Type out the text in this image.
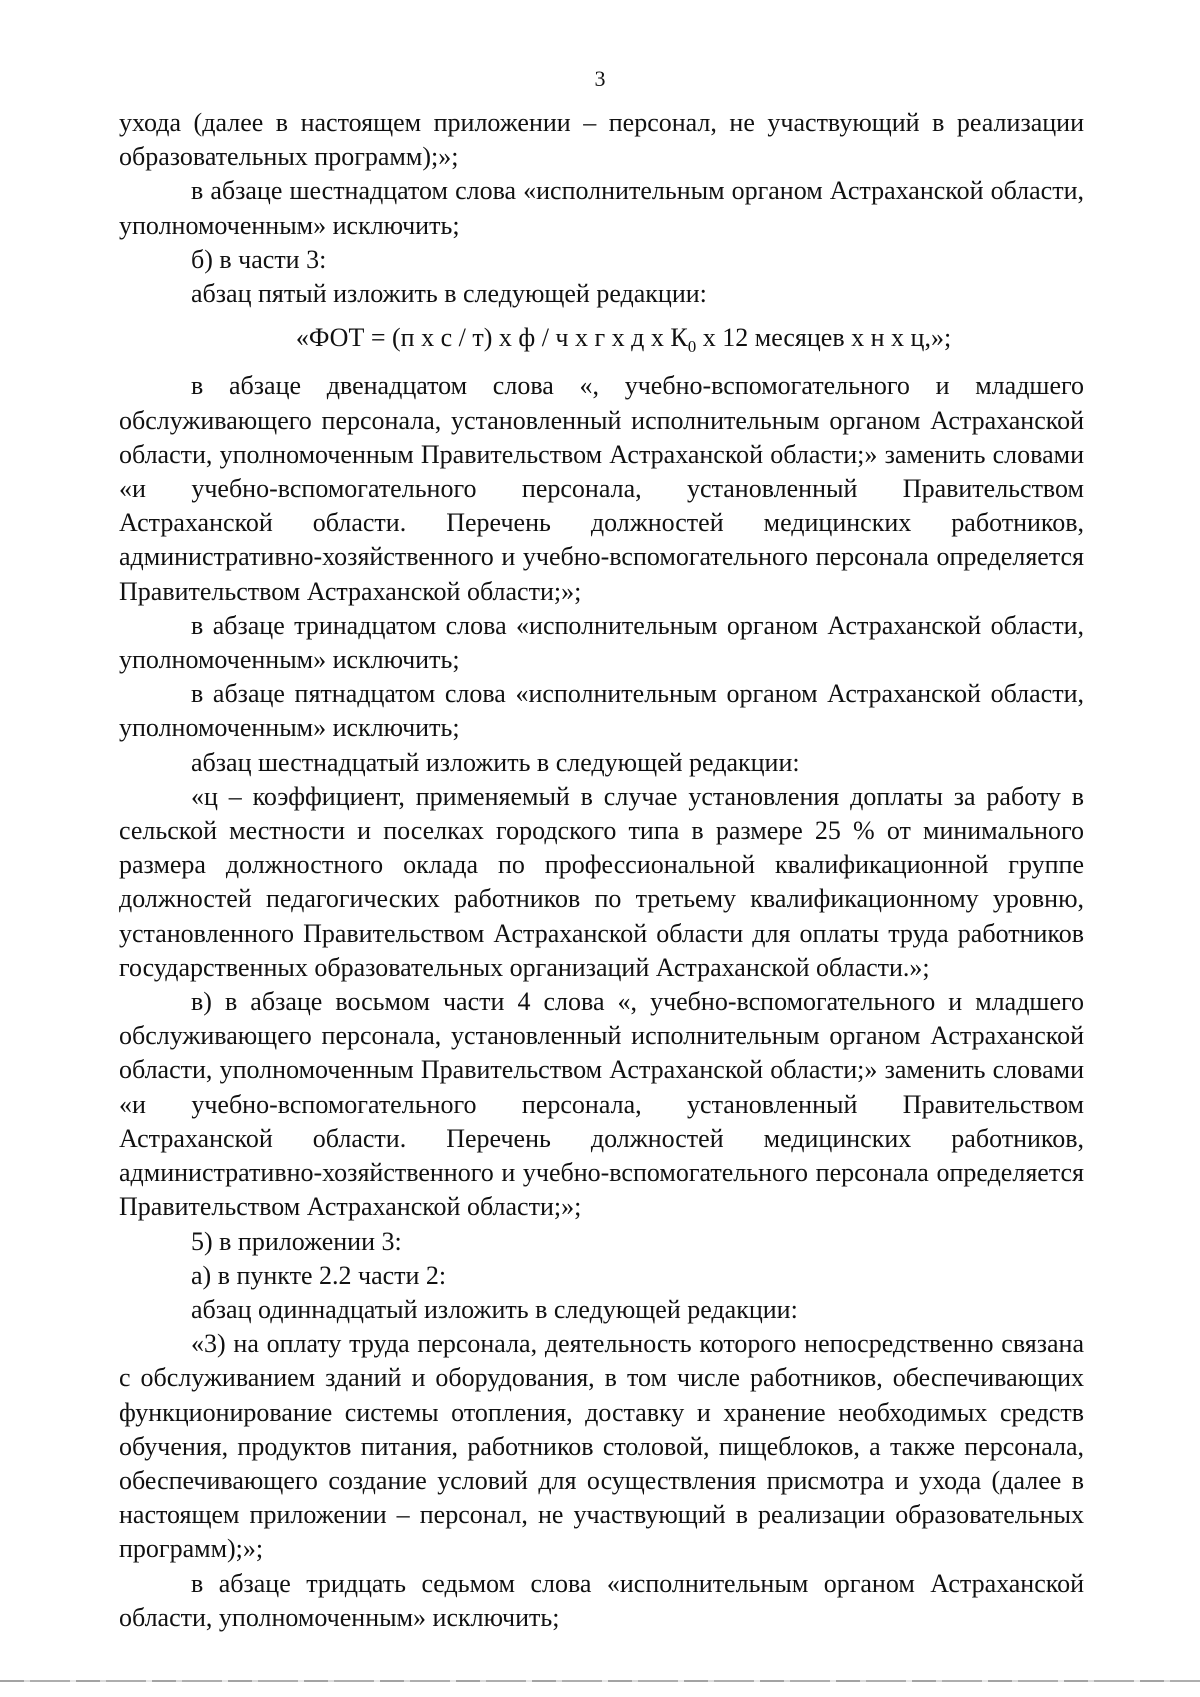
3

ухода (далее в настоящем приложении – персонал, не участвующий в реализации образовательных программ);»;

в абзаце шестнадцатом слова «исполнительным органом Астраханской области, уполномоченным» исключить;

б) в части 3:

абзац пятый изложить в следующей редакции:

«ФОТ = (п х с / т) х ф / ч х г х д х $К_0$ х 12 месяцев х н х ц,»;

в абзаце двенадцатом слова «, учебно-вспомогательного и младшего обслуживающего персонала, установленный исполнительным органом Астраханской области, уполномоченным Правительством Астраханской области;» заменить словами «и учебно-вспомогательного персонала, установленный Правительством Астраханской области. Перечень должностей медицинских работников, административно-хозяйственного и учебно-вспомогательного персонала определяется Правительством Астраханской области;»;

в абзаце тринадцатом слова «исполнительным органом Астраханской области, уполномоченным» исключить;

в абзаце пятнадцатом слова «исполнительным органом Астраханской области, уполномоченным» исключить;

абзац шестнадцатый изложить в следующей редакции:

«ц – коэффициент, применяемый в случае установления доплаты за работу в сельской местности и поселках городского типа в размере 25 % от минимального размера должностного оклада по профессиональной квалификационной группе должностей педагогических работников по третьему квалификационному уровню, установленного Правительством Астраханской области для оплаты труда работников государственных образовательных организаций Астраханской области.»;

в) в абзаце восьмом части 4 слова «, учебно-вспомогательного и младшего обслуживающего персонала, установленный исполнительным органом Астраханской области, уполномоченным Правительством Астраханской области;» заменить словами «и учебно-вспомогательного персонала, установленный Правительством Астраханской области. Перечень должностей медицинских работников, административно-хозяйственного и учебно-вспомогательного персонала определяется Правительством Астраханской области;»;

5) в приложении 3:

а) в пункте 2.2 части 2:

абзац одиннадцатый изложить в следующей редакции:

«3) на оплату труда персонала, деятельность которого непосредственно связана с обслуживанием зданий и оборудования, в том числе работников, обеспечивающих функционирование системы отопления, доставку и хранение необходимых средств обучения, продуктов питания, работников столовой, пищеблоков, а также персонала, обеспечивающего создание условий для осуществления присмотра и ухода (далее в настоящем приложении – персонал, не участвующий в реализации образовательных программ);»;

в абзаце тридцать седьмом слова «исполнительным органом Астраханской области, уполномоченным» исключить;
